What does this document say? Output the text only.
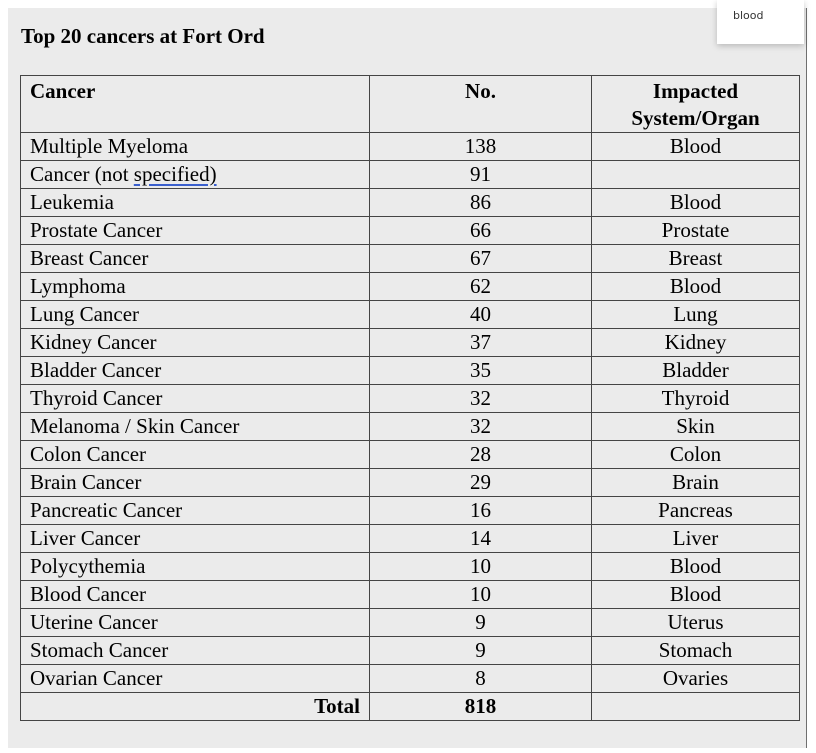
Top 20 cancers at Fort Ord
blood
Cancer	No.	Impacted System/Organ
Multiple Myeloma	138	Blood
Cancer (not specified)	91	
Leukemia	86	Blood
Prostate Cancer	66	Prostate
Breast Cancer	67	Breast
Lymphoma	62	Blood
Lung Cancer	40	Lung
Kidney Cancer	37	Kidney
Bladder Cancer	35	Bladder
Thyroid Cancer	32	Thyroid
Melanoma / Skin Cancer	32	Skin
Colon Cancer	28	Colon
Brain Cancer	29	Brain
Pancreatic Cancer	16	Pancreas
Liver Cancer	14	Liver
Polycythemia	10	Blood
Blood Cancer	10	Blood
Uterine Cancer	9	Uterus
Stomach Cancer	9	Stomach
Ovarian Cancer	8	Ovaries
Total	818	
